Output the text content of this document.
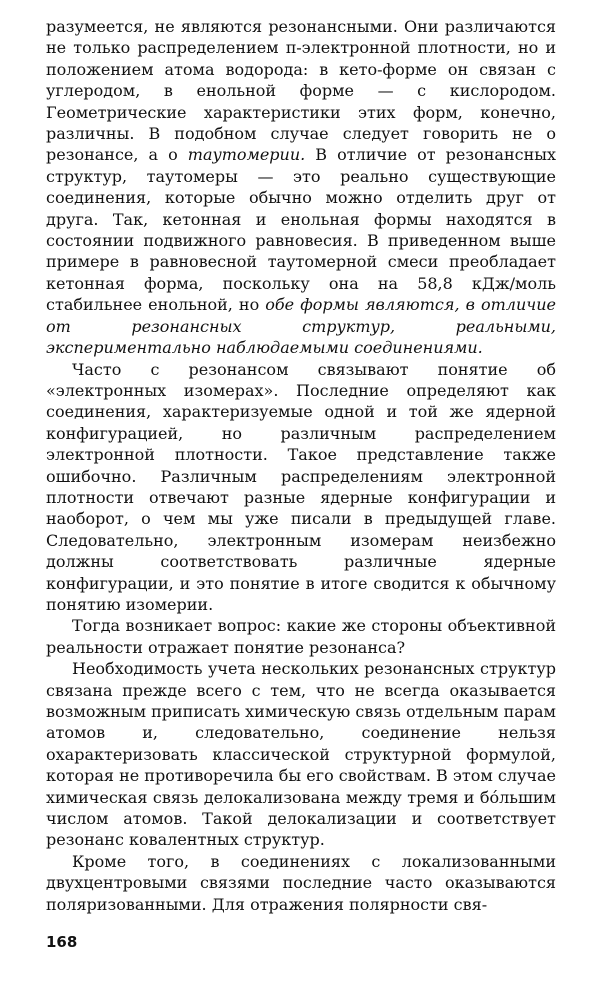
разумеется, не являются резонансными. Они различаются не только распределением π-электронной плотности, но и положением атома водорода: в кето-форме он связан с углеродом, в енольной форме — с кислородом. Геометрические характеристики этих форм, конечно, различны. В подобном случае следует говорить не о резонансе, а о таутомерии. В отличие от резонансных структур, таутомеры — это реально существующие соединения, которые обычно можно отделить друг от друга. Так, кетонная и енольная формы находятся в состоянии подвижного равновесия. В приведенном выше примере в равновесной таутомерной смеси преобладает кетонная форма, поскольку она на 58,8 кДж/моль стабильнее енольной, но обе формы являются, в отличие от резонансных структур, реальными, экспериментально наблюдаемыми соединениями.

Часто с резонансом связывают понятие об «электронных изомерах». Последние определяют как соединения, характеризуемые одной и той же ядерной конфигурацией, но различным распределением электронной плотности. Такое представление также ошибочно. Различным распределениям электронной плотности отвечают разные ядерные конфигурации и наоборот, о чем мы уже писали в предыдущей главе. Следовательно, электронным изомерам неизбежно должны соответствовать различные ядерные конфигурации, и это понятие в итоге сводится к обычному понятию изомерии.

Тогда возникает вопрос: какие же стороны объективной реальности отражает понятие резонанса?

Необходимость учета нескольких резонансных структур связана прежде всего с тем, что не всегда оказывается возможным приписать химическую связь отдельным парам атомов и, следовательно, соединение нельзя охарактеризовать классической структурной формулой, которая не противоречила бы его свойствам. В этом случае химическая связь делокализована между тремя и бóльшим числом атомов. Такой делокализации и соответствует резонанс ковалентных структур.

Кроме того, в соединениях с локализованными двухцентровыми связями последние часто оказываются поляризованными. Для отражения полярности свя-

168
